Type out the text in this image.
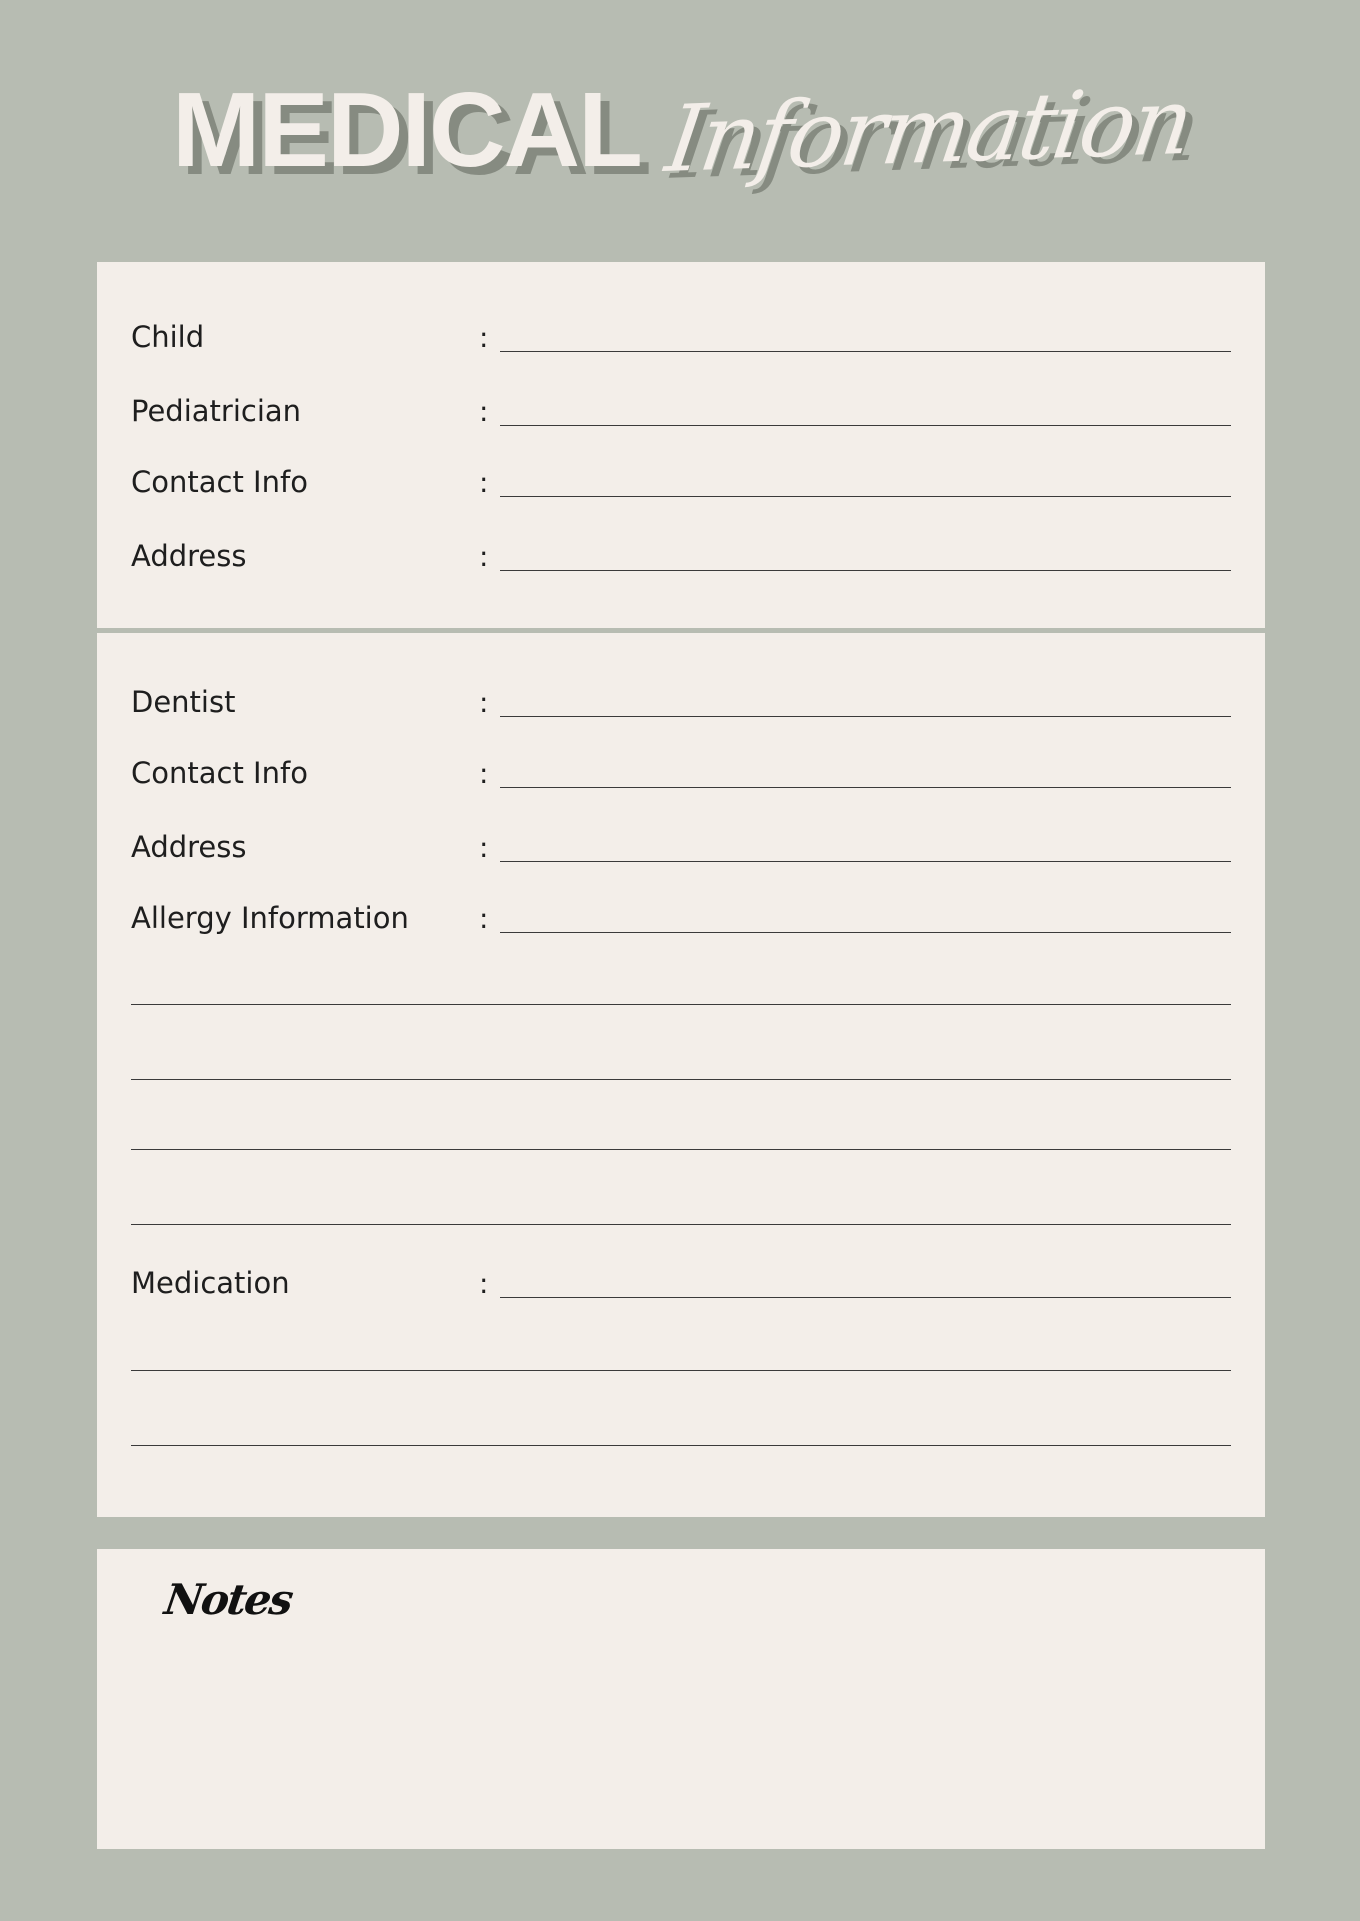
MEDICAL Information
Child	:
Pediatrician	:
Contact Info	:
Address	:
Dentist	:
Contact Info	:
Address	:
Allergy Information	:
Medication	:
Notes
